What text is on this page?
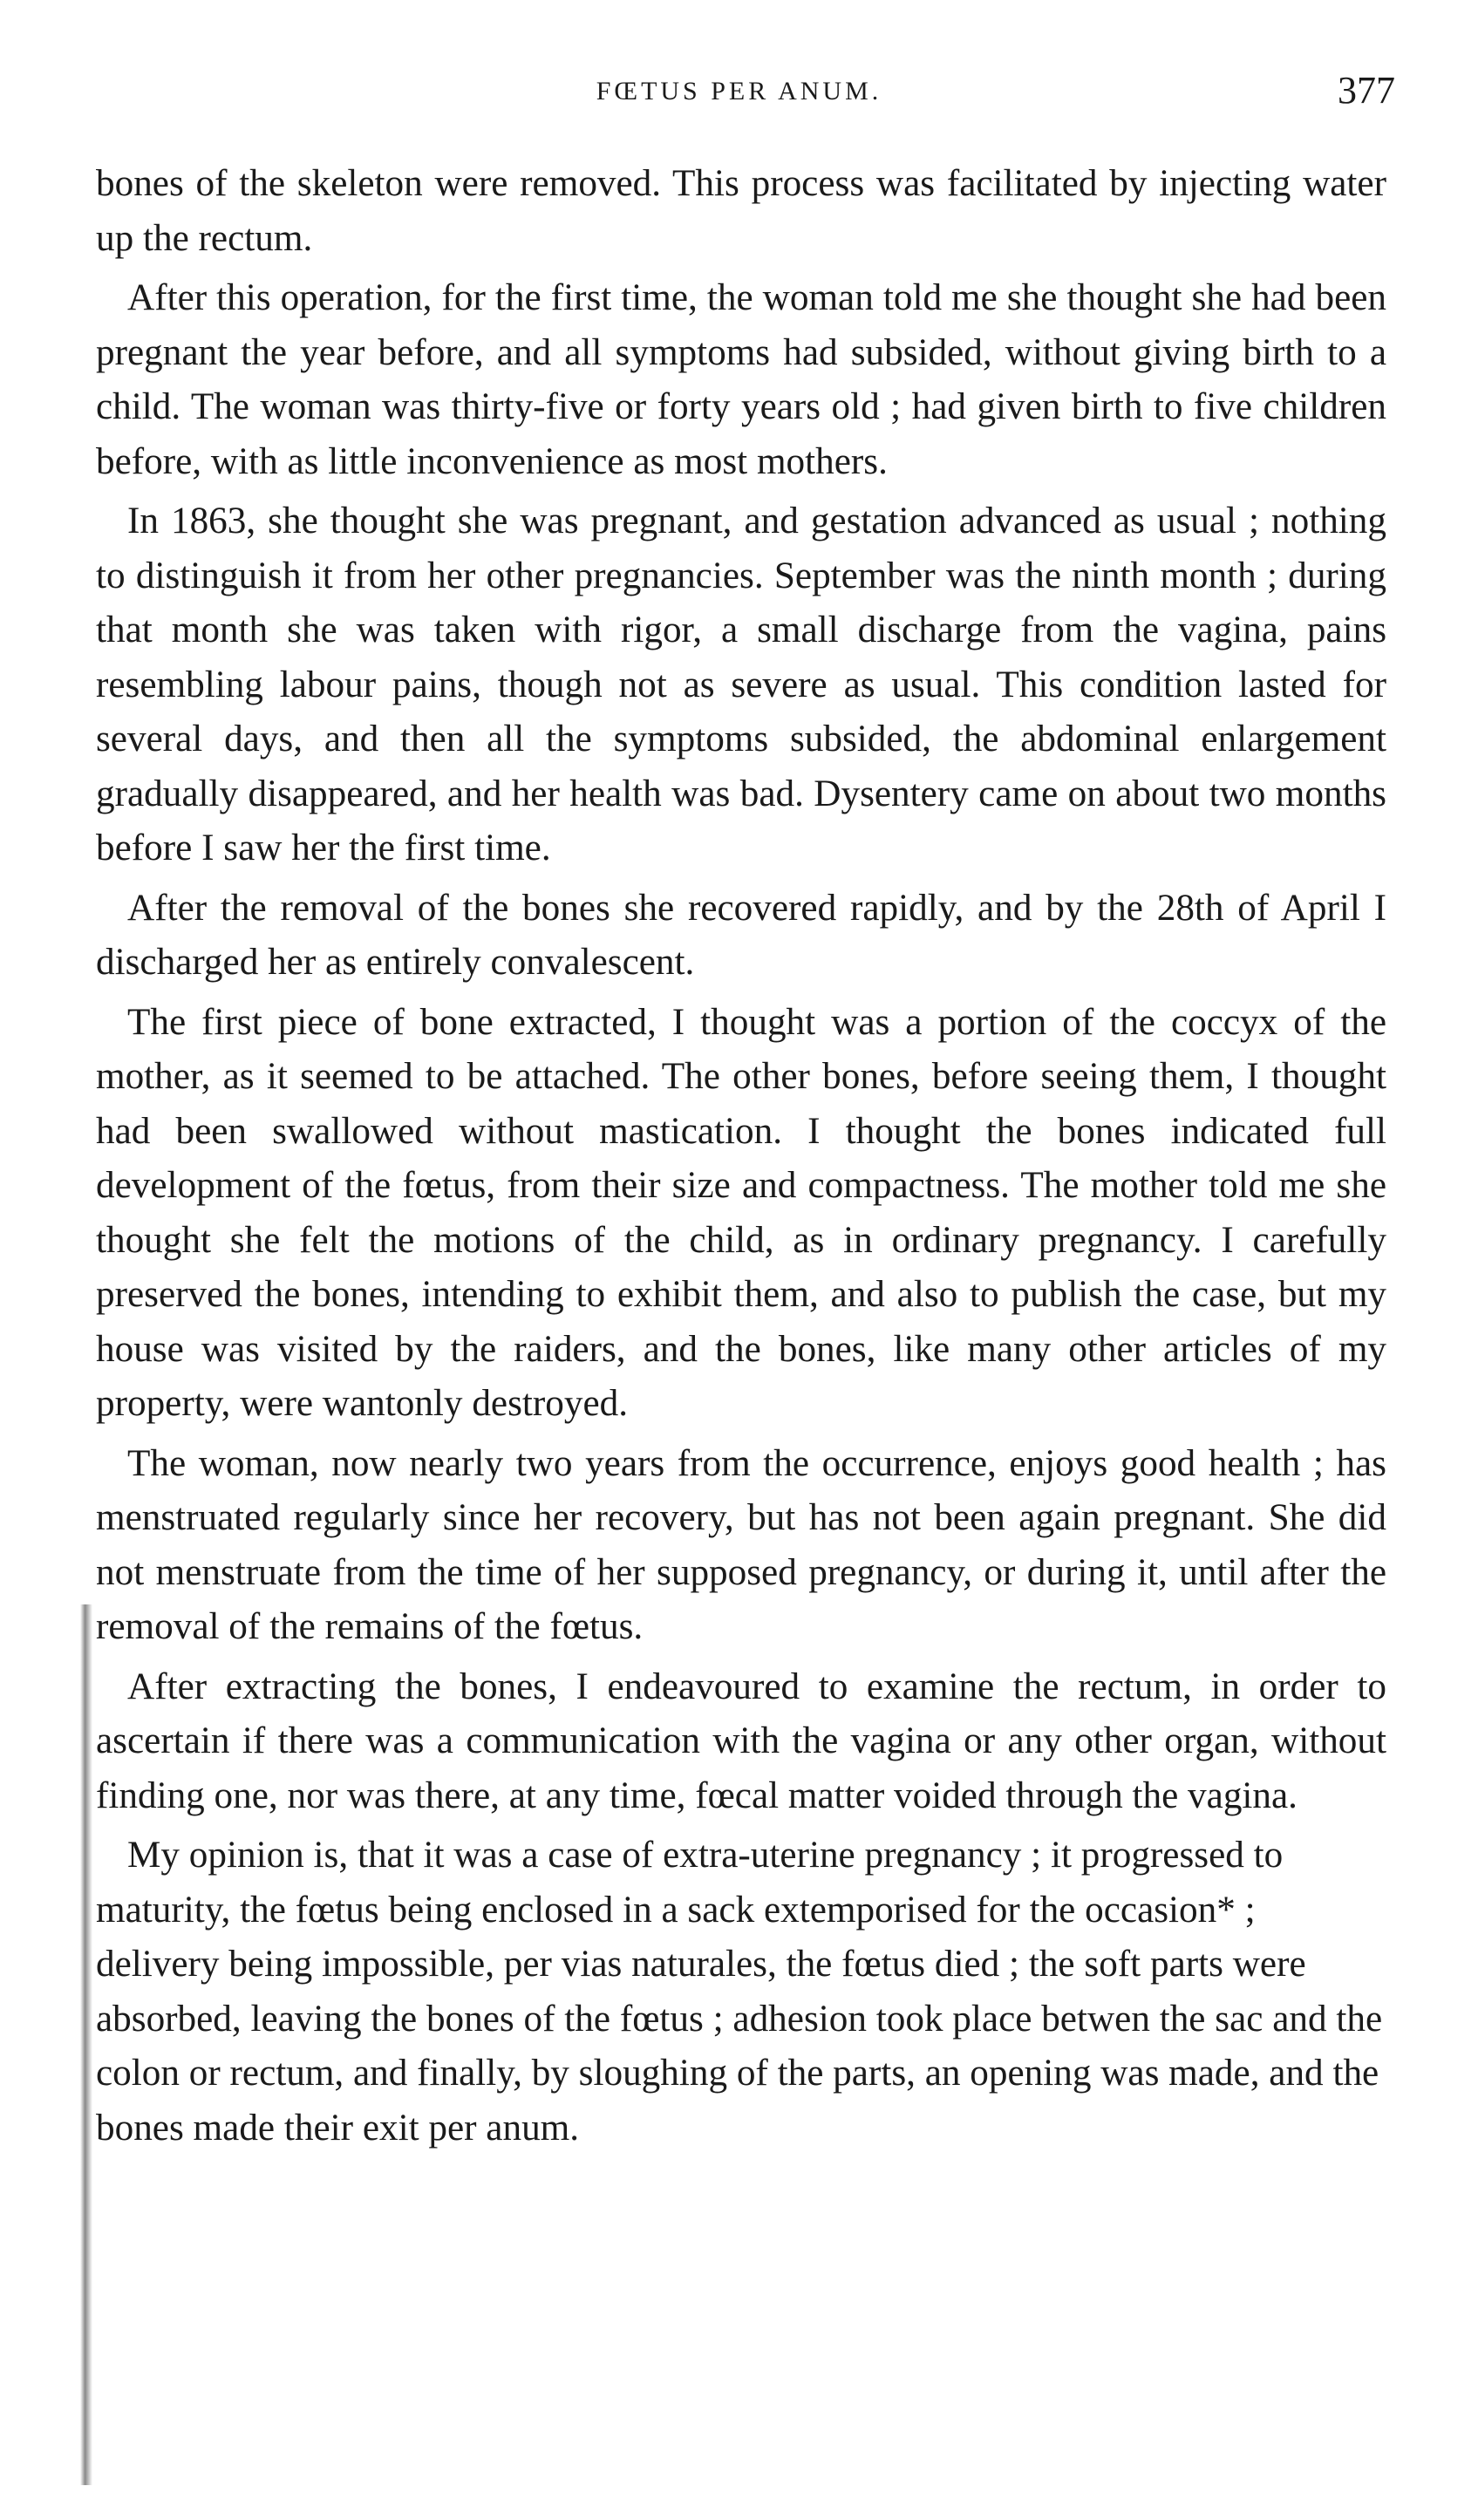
FŒTUS PER ANUM.	377

bones of the skeleton were removed. This process was facilitated by injecting water up the rectum.

After this operation, for the first time, the woman told me she thought she had been pregnant the year before, and all symptoms had subsided, without giving birth to a child. The woman was thirty-five or forty years old ; had given birth to five children before, with as little inconvenience as most mothers.

In 1863, she thought she was pregnant, and gestation advanced as usual ; nothing to distinguish it from her other pregnancies. September was the ninth month ; during that month she was taken with rigor, a small discharge from the vagina, pains resembling labour pains, though not as severe as usual. This condition lasted for several days, and then all the symptoms subsided, the abdominal enlargement gradually disappeared, and her health was bad. Dysentery came on about two months before I saw her the first time.

After the removal of the bones she recovered rapidly, and by the 28th of April I discharged her as entirely convalescent.

The first piece of bone extracted, I thought was a portion of the coccyx of the mother, as it seemed to be attached. The other bones, before seeing them, I thought had been swallowed without mastication. I thought the bones indicated full development of the fœtus, from their size and compactness. The mother told me she thought she felt the motions of the child, as in ordinary pregnancy. I carefully preserved the bones, intending to exhibit them, and also to publish the case, but my house was visited by the raiders, and the bones, like many other articles of my property, were wantonly destroyed.

The woman, now nearly two years from the occurrence, enjoys good health ; has menstruated regularly since her recovery, but has not been again pregnant. She did not menstruate from the time of her supposed pregnancy, or during it, until after the removal of the remains of the fœtus.

After extracting the bones, I endeavoured to examine the rectum, in order to ascertain if there was a communication with the vagina or any other organ, without finding one, nor was there, at any time, fœcal matter voided through the vagina.

My opinion is, that it was a case of extra-uterine pregnancy ; it progressed to maturity, the fœtus being enclosed in a sack extemporised for the occasion* ; delivery being impossible, per vias naturales, the fœtus died ; the soft parts were absorbed, leaving the bones of the fœtus ; adhesion took place betwen the sac and the colon or rectum, and finally, by sloughing of the parts, an opening was made, and the bones made their exit per anum.
